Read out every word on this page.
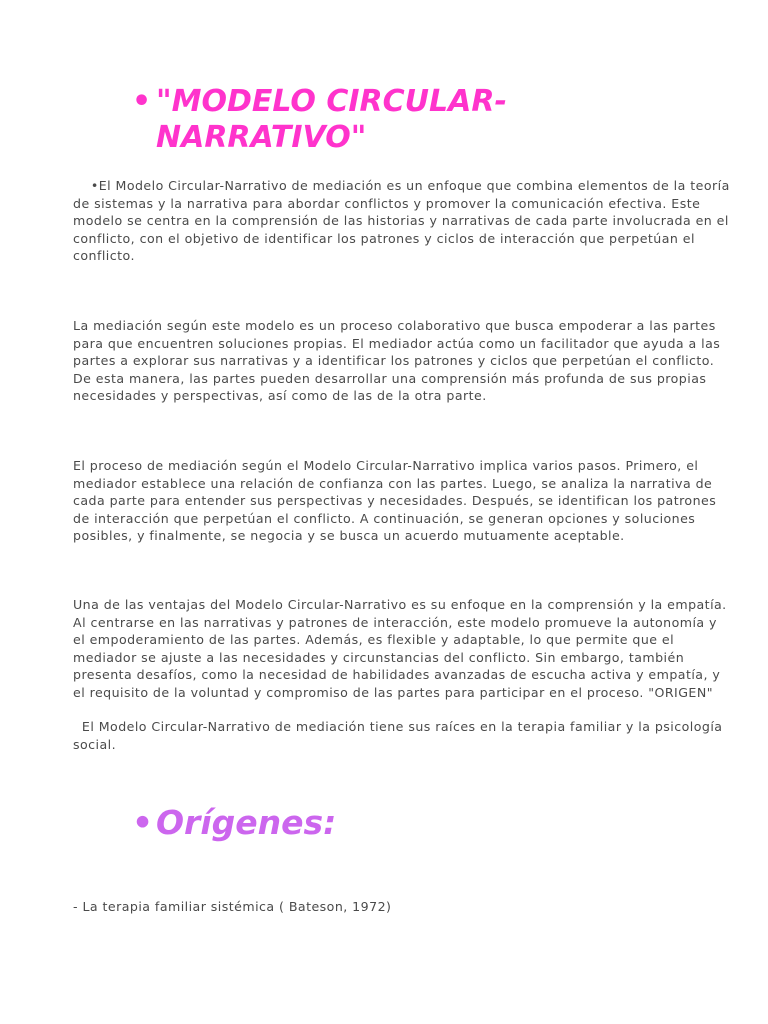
• "MODELO CIRCULAR-NARRATIVO"

•El Modelo Circular-Narrativo de mediación es un enfoque que combina elementos de la teoría de sistemas y la narrativa para abordar conflictos y promover la comunicación efectiva. Este modelo se centra en la comprensión de las historias y narrativas de cada parte involucrada en el conflicto, con el objetivo de identificar los patrones y ciclos de interacción que perpetúan el conflicto.

La mediación según este modelo es un proceso colaborativo que busca empoderar a las partes para que encuentren soluciones propias. El mediador actúa como un facilitador que ayuda a las partes a explorar sus narrativas y a identificar los patrones y ciclos que perpetúan el conflicto. De esta manera, las partes pueden desarrollar una comprensión más profunda de sus propias necesidades y perspectivas, así como de las de la otra parte.

El proceso de mediación según el Modelo Circular-Narrativo implica varios pasos. Primero, el mediador establece una relación de confianza con las partes. Luego, se analiza la narrativa de cada parte para entender sus perspectivas y necesidades. Después, se identifican los patrones de interacción que perpetúan el conflicto. A continuación, se generan opciones y soluciones posibles, y finalmente, se negocia y se busca un acuerdo mutuamente aceptable.

Una de las ventajas del Modelo Circular-Narrativo es su enfoque en la comprensión y la empatía. Al centrarse en las narrativas y patrones de interacción, este modelo promueve la autonomía y el empoderamiento de las partes. Además, es flexible y adaptable, lo que permite que el mediador se ajuste a las necesidades y circunstancias del conflicto. Sin embargo, también presenta desafíos, como la necesidad de habilidades avanzadas de escucha activa y empatía, y el requisito de la voluntad y compromiso de las partes para participar en el proceso. "ORIGEN"

El Modelo Circular-Narrativo de mediación tiene sus raíces en la terapia familiar y la psicología social.

• Orígenes:

- La terapia familiar sistémica ( Bateson, 1972)
